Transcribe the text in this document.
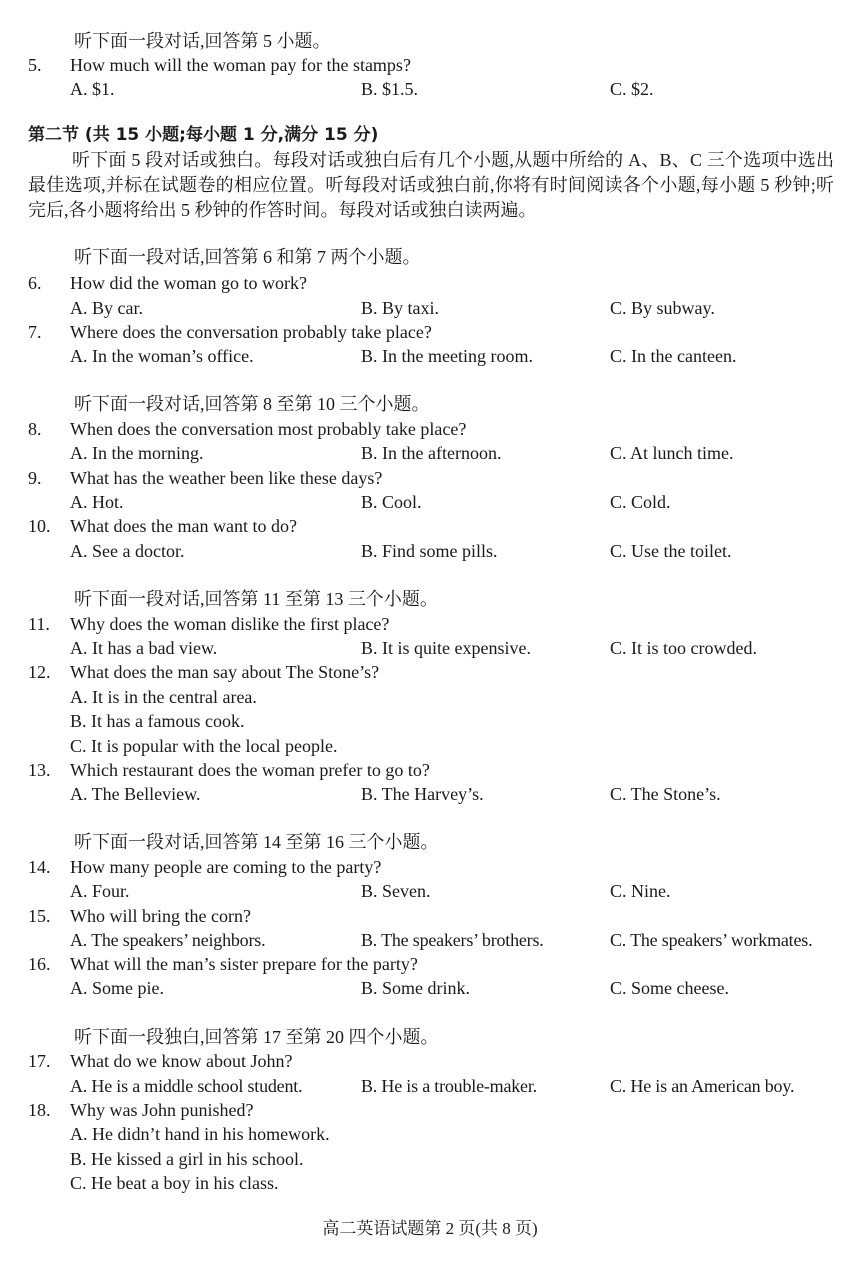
听下面一段对话,回答第 5 小题。
5. How much will the woman pay for the stamps?
A. $1.	B. $1.5.	C. $2.
第二节 (共 15 小题;每小题 1 分,满分 15 分)
听下面 5 段对话或独白。每段对话或独白后有几个小题,从题中所给的 A、B、C 三个选项中选出最佳选项,并标在试题卷的相应位置。听每段对话或独白前,你将有时间阅读各个小题,每小题 5 秒钟;听完后,各小题将给出 5 秒钟的作答时间。每段对话或独白读两遍。
听下面一段对话,回答第 6 和第 7 两个小题。
6. How did the woman go to work?
A. By car.	B. By taxi.	C. By subway.
7. Where does the conversation probably take place?
A. In the woman’s office.	B. In the meeting room.	C. In the canteen.
听下面一段对话,回答第 8 至第 10 三个小题。
8. When does the conversation most probably take place?
A. In the morning.	B. In the afternoon.	C. At lunch time.
9. What has the weather been like these days?
A. Hot.	B. Cool.	C. Cold.
10. What does the man want to do?
A. See a doctor.	B. Find some pills.	C. Use the toilet.
听下面一段对话,回答第 11 至第 13 三个小题。
11. Why does the woman dislike the first place?
A. It has a bad view.	B. It is quite expensive.	C. It is too crowded.
12. What does the man say about The Stone’s?
A. It is in the central area.
B. It has a famous cook.
C. It is popular with the local people.
13. Which restaurant does the woman prefer to go to?
A. The Belleview.	B. The Harvey’s.	C. The Stone’s.
听下面一段对话,回答第 14 至第 16 三个小题。
14. How many people are coming to the party?
A. Four.	B. Seven.	C. Nine.
15. Who will bring the corn?
A. The speakers’ neighbors.	B. The speakers’ brothers.	C. The speakers’ workmates.
16. What will the man’s sister prepare for the party?
A. Some pie.	B. Some drink.	C. Some cheese.
听下面一段独白,回答第 17 至第 20 四个小题。
17. What do we know about John?
A. He is a middle school student.	B. He is a trouble-maker.	C. He is an American boy.
18. Why was John punished?
A. He didn’t hand in his homework.
B. He kissed a girl in his school.
C. He beat a boy in his class.
高二英语试题第 2 页(共 8 页)
